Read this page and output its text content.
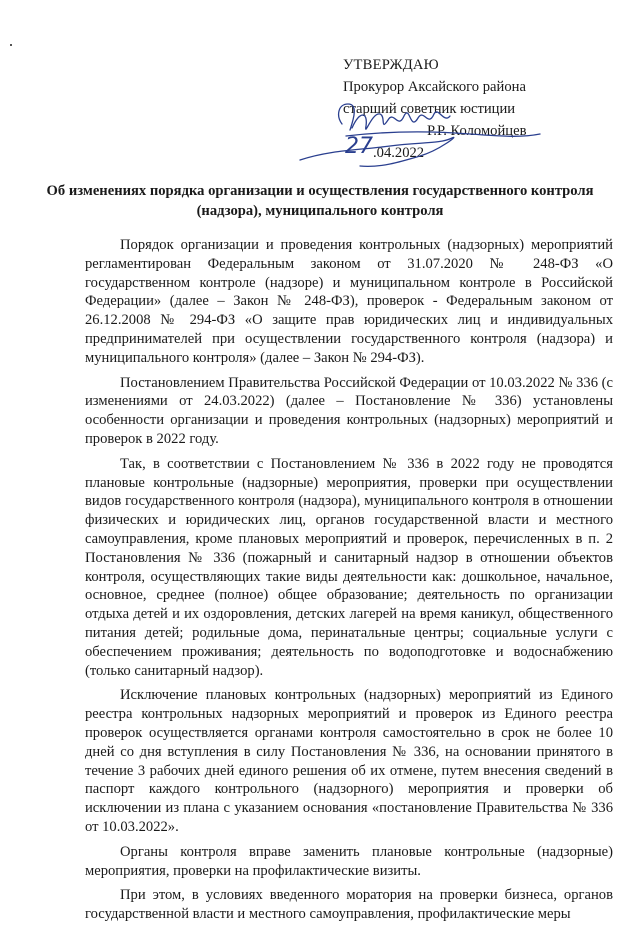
УТВЕРЖДАЮ
Прокурор Аксайского района
старший советник юстиции
Р.Р. Коломойцев
27 .04.2022
Об изменениях порядка организации и осуществления государственного контроля (надзора), муниципального контроля

Порядок организации и проведения контрольных (надзорных) мероприятий регламентирован Федеральным законом от 31.07.2020 № 248-ФЗ «О государственном контроле (надзоре) и муниципальном контроле в Российской Федерации» (далее – Закон № 248-ФЗ), проверок - Федеральным законом от 26.12.2008 № 294-ФЗ «О защите прав юридических лиц и индивидуальных предпринимателей при осуществлении государственного контроля (надзора) и муниципального контроля» (далее – Закон № 294-ФЗ).

Постановлением Правительства Российской Федерации от 10.03.2022 № 336 (с изменениями от 24.03.2022) (далее – Постановление № 336) установлены особенности организации и проведения контрольных (надзорных) мероприятий и проверок в 2022 году.

Так, в соответствии с Постановлением № 336 в 2022 году не проводятся плановые контрольные (надзорные) мероприятия, проверки при осуществлении видов государственного контроля (надзора), муниципального контроля в отношении физических и юридических лиц, органов государственной власти и местного самоуправления, кроме плановых мероприятий и проверок, перечисленных в п. 2 Постановления № 336 (пожарный и санитарный надзор в отношении объектов контроля, осуществляющих такие виды деятельности как: дошкольное, начальное, основное, среднее (полное) общее образование; деятельность по организации отдыха детей и их оздоровления, детских лагерей на время каникул, общественного питания детей; родильные дома, перинатальные центры; социальные услуги с обеспечением проживания; деятельность по водоподготовке и водоснабжению (только санитарный надзор).

Исключение плановых контрольных (надзорных) мероприятий из Единого реестра контрольных надзорных мероприятий и проверок из Единого реестра проверок осуществляется органами контроля самостоятельно в срок не более 10 дней со дня вступления в силу Постановления № 336, на основании принятого в течение 3 рабочих дней единого решения об их отмене, путем внесения сведений в паспорт каждого контрольного (надзорного) мероприятия и проверки об исключении из плана с указанием основания «постановление Правительства № 336 от 10.03.2022».

Органы контроля вправе заменить плановые контрольные (надзорные) мероприятия, проверки на профилактические визиты.

При этом, в условиях введенного моратория на проверки бизнеса, органов государственной власти и местного самоуправления, профилактические меры
